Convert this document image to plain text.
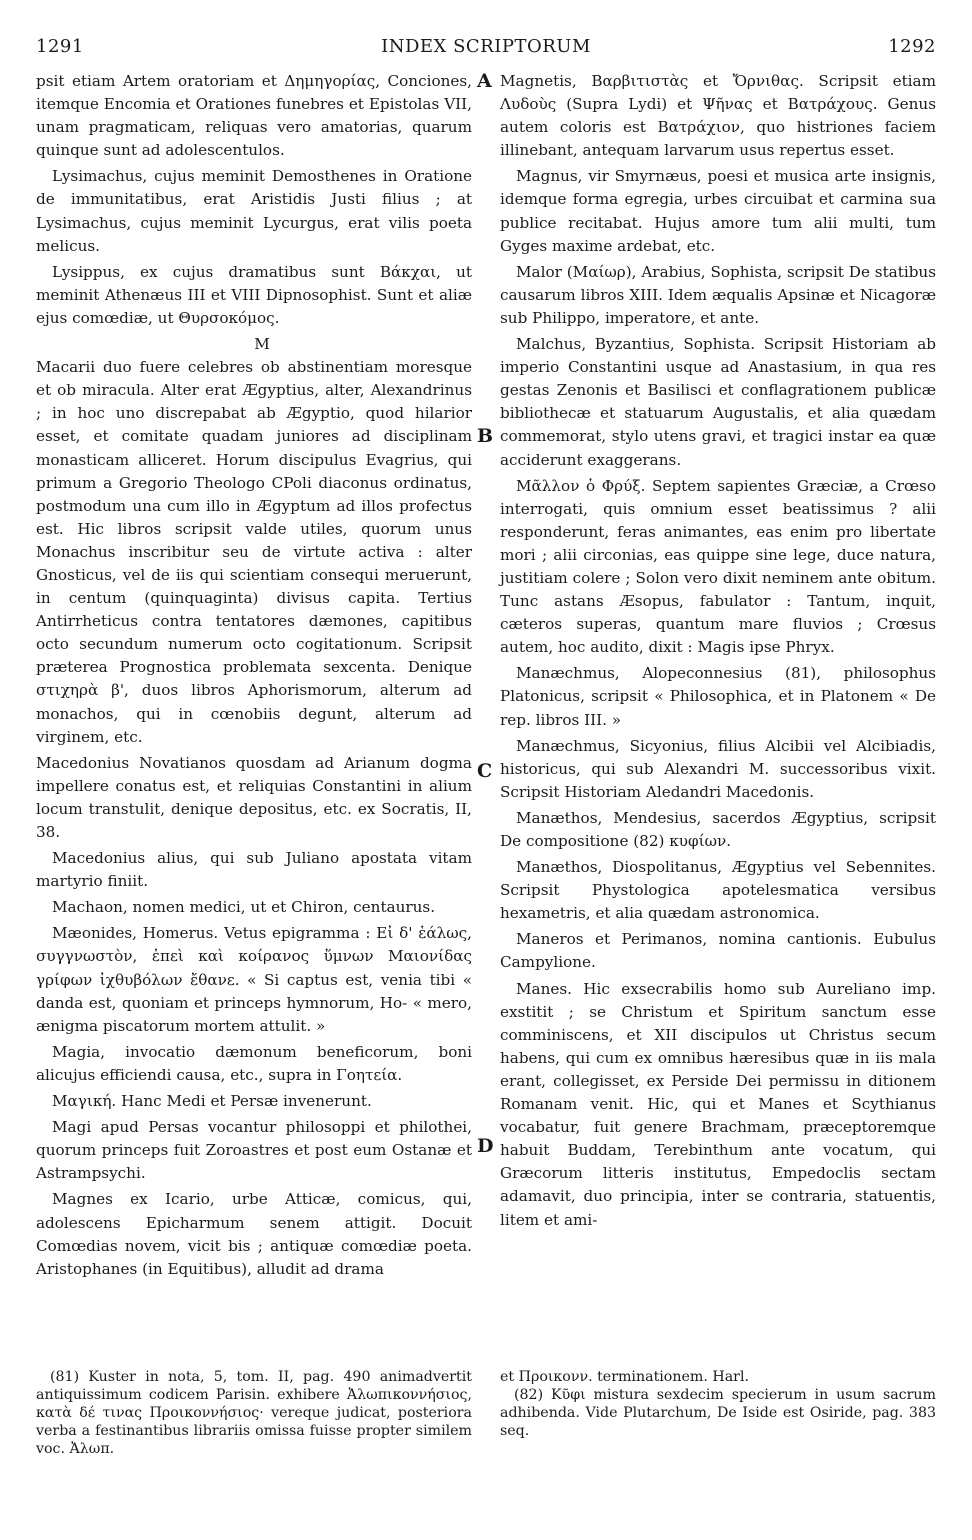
1291	INDEX SCRIPTORUM	1292

psit etiam Artem oratoriam et Δημηγορίας, Conciones, itemque Encomia et Orationes funebres et Epistolas VII, unam pragmaticam, reliquas vero amatorias, quarum quinque sunt ad adolescentulos.

Lysimachus, cujus meminit Demosthenes in Oratione de immunitatibus, erat Aristidis Justi filius ; at Lysimachus, cujus meminit Lycurgus, erat vilis poeta melicus.

Lysippus, ex cujus dramatibus sunt Βάκχαι, ut meminit Athenæus III et VIII Dipnosophist. Sunt et aliæ ejus comœdiæ, ut Θυρσοκόμος.

M

Macarii duo fuere celebres ob abstinentiam moresque et ob miracula. Alter erat Ægyptius, alter, Alexandrinus ; in hoc uno discrepabat ab Ægyptio, quod hilarior esset, et comitate quadam juniores ad disciplinam monasticam alliceret. Horum discipulus Evagrius, qui primum a Gregorio Theologo CPoli diaconus ordinatus, postmodum una cum illo in Ægyptum ad illos profectus est. Hic libros scripsit valde utiles, quorum unus Monachus inscribitur seu de virtute activa : alter Gnosticus, vel de iis qui scientiam consequi meruerunt, in centum (quinquaginta) divisus capita. Tertius Antirrheticus contra tentatores dæmones, capitibus octo secundum numerum octo cogitationum. Scripsit præterea Prognostica problemata sexcenta. Denique στιχηρὰ β', duos libros Aphorismorum, alterum ad monachos, qui in cœnobiis degunt, alterum ad virginem, etc.

Macedonius Novatianos quosdam ad Arianum dogma impellere conatus est, et reliquias Constantini in alium locum transtulit, denique depositus, etc. ex Socratis, II, 38.

Macedonius alius, qui sub Juliano apostata vitam martyrio finiit.

Machaon, nomen medici, ut et Chiron, centaurus.

Mæonides, Homerus. Vetus epigramma : Εἰ δ' ἑάλως, συγγνωστὸν, ἐπεὶ καὶ κοίρανος ὕμνων Μαιονίδας γρίφων ἰχθυβόλων ἔθανε. « Si captus est, venia tibi « danda est, quoniam et princeps hymnorum, Ho- « mero, ænigma piscatorum mortem attulit. »

Magia, invocatio dæmonum beneficorum, boni alicujus efficiendi causa, etc., supra in Γοητεία.

Μαγική. Hanc Medi et Persæ invenerunt.

Magi apud Persas vocantur philosoppi et philothei, quorum princeps fuit Zoroastres et post eum Ostanæ et Astrampsychi.

Magnes ex Icario, urbe Atticæ, comicus, qui, adolescens Epicharmum senem attigit. Docuit Comœdias novem, vicit bis ; antiquæ comœdiæ poeta. Aristophanes (in Equitibus), alludit ad drama

A
B
C
D

Magnetis, Βαρβιτιστὰς et Ὄρνιθας. Scripsit etiam Λυδοὺς (Supra Lydi) et Ψῆνας et Βατράχους. Genus autem coloris est Βατράχιον, quo histriones faciem illinebant, antequam larvarum usus repertus esset.

Magnus, vir Smyrnæus, poesi et musica arte insignis, idemque forma egregia, urbes circuibat et carmina sua publice recitabat. Hujus amore tum alii multi, tum Gyges maxime ardebat, etc.

Malor (Μαίωρ), Arabius, Sophista, scripsit De statibus causarum libros XIII. Idem æqualis Apsinæ et Nicagoræ sub Philippo, imperatore, et ante.

Malchus, Byzantius, Sophista. Scripsit Historiam ab imperio Constantini usque ad Anastasium, in qua res gestas Zenonis et Basilisci et conflagrationem publicæ bibliothecæ et statuarum Augustalis, et alia quædam commemorat, stylo utens gravi, et tragici instar ea quæ acciderunt exaggerans.

Μᾶλλον ὁ Φρύξ. Septem sapientes Græciæ, a Crœso interrogati, quis omnium esset beatissimus ? alii responderunt, feras animantes, eas enim pro libertate mori ; alii circonias, eas quippe sine lege, duce natura, justitiam colere ; Solon vero dixit neminem ante obitum. Tunc astans Æsopus, fabulator : Tantum, inquit, cæteros superas, quantum mare fluvios ; Crœsus autem, hoc audito, dixit : Magis ipse Phryx.

Manæchmus, Alopeconnesius (81), philosophus Platonicus, scripsit « Philosophica, et in Platonem « De rep. libros III. »

Manæchmus, Sicyonius, filius Alcibii vel Alcibiadis, historicus, qui sub Alexandri M. successoribus vixit. Scripsit Historiam Aledandri Macedonis.

Manæthos, Mendesius, sacerdos Ægyptius, scripsit De compositione (82) κυφίων.

Manæthos, Diospolitanus, Ægyptius vel Sebennites. Scripsit Phystologica apotelesmatica versibus hexametris, et alia quædam astronomica.

Maneros et Perimanos, nomina cantionis. Eubulus Campylione.

Manes. Hic exsecrabilis homo sub Aureliano imp. exstitit ; se Christum et Spiritum sanctum esse comminiscens, et XII discipulos ut Christus secum habens, qui cum ex omnibus hæresibus quæ in iis mala erant, collegisset, ex Perside Dei permissu in ditionem Romanam venit. Hic, qui et Manes et Scythianus vocabatur, fuit genere Brachmam, præceptoremque habuit Buddam, Terebinthum ante vocatum, qui Græcorum litteris institutus, Empedoclis sectam adamavit, duo principia, inter se contraria, statuentis, litem et ami-

(81) Kuster in nota, 5, tom. II, pag. 490 animadvertit antiquissimum codicem Parisin. exhibere Ἀλωπικοννήσιος, κατὰ δέ τινας Προικοννήσιος· vereque judicat, posteriora verba a festinantibus librariis omissa fuisse propter similem voc. Ἀλωπ.

et Προικονν. terminationem. Harl.

(82) Κῦφι mistura sexdecim specierum in usum sacrum adhibenda. Vide Plutarchum, De Iside est Osiride, pag. 383 seq.
